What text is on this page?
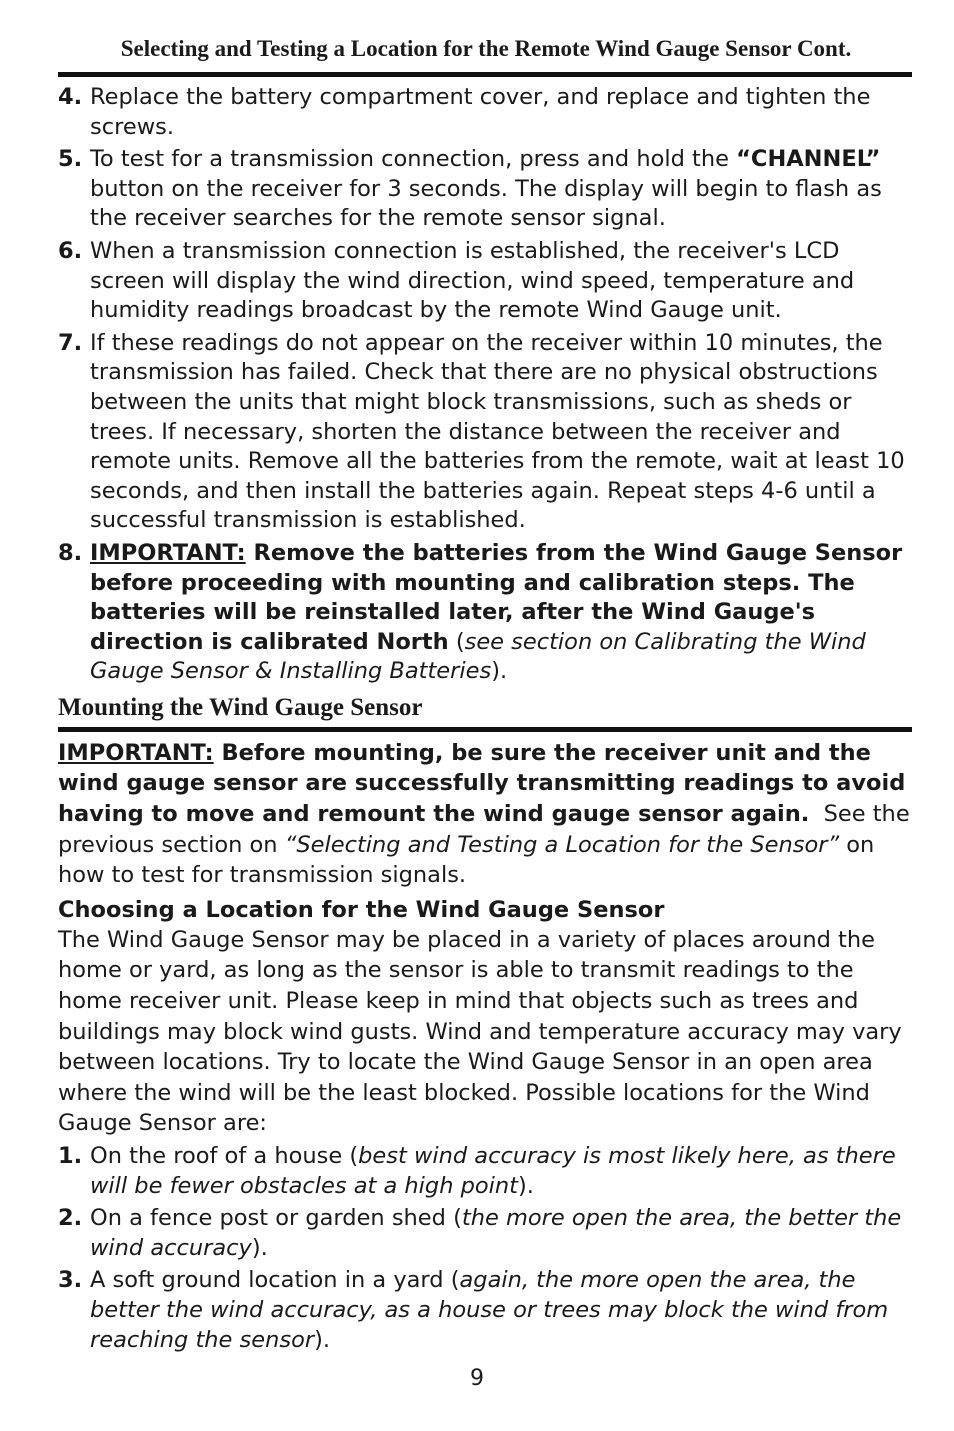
Selecting and Testing a Location for the Remote Wind Gauge Sensor Cont.
4. Replace the battery compartment cover, and replace and tighten the screws.
5. To test for a transmission connection, press and hold the “CHANNEL” button on the receiver for 3 seconds. The display will begin to flash as the receiver searches for the remote sensor signal.
6. When a transmission connection is established, the receiver's LCD screen will display the wind direction, wind speed, temperature and humidity readings broadcast by the remote Wind Gauge unit.
7. If these readings do not appear on the receiver within 10 minutes, the transmission has failed. Check that there are no physical obstructions between the units that might block transmissions, such as sheds or trees. If necessary, shorten the distance between the receiver and remote units. Remove all the batteries from the remote, wait at least 10 seconds, and then install the batteries again. Repeat steps 4-6 until a successful transmission is established.
8. IMPORTANT: Remove the batteries from the Wind Gauge Sensor before proceeding with mounting and calibration steps. The batteries will be reinstalled later, after the Wind Gauge's direction is calibrated North (see section on Calibrating the Wind Gauge Sensor & Installing Batteries).
Mounting the Wind Gauge Sensor

IMPORTANT: Before mounting, be sure the receiver unit and the wind gauge sensor are successfully transmitting readings to avoid having to move and remount the wind gauge sensor again.  See the previous section on “Selecting and Testing a Location for the Sensor” on how to test for transmission signals.

Choosing a Location for the Wind Gauge Sensor

The Wind Gauge Sensor may be placed in a variety of places around the home or yard, as long as the sensor is able to transmit readings to the home receiver unit. Please keep in mind that objects such as trees and buildings may block wind gusts. Wind and temperature accuracy may vary between locations. Try to locate the Wind Gauge Sensor in an open area where the wind will be the least blocked. Possible locations for the Wind Gauge Sensor are:

1. On the roof of a house (best wind accuracy is most likely here, as there will be fewer obstacles at a high point).
2. On a fence post or garden shed (the more open the area, the better the wind accuracy).
3. A soft ground location in a yard (again, the more open the area, the better the wind accuracy, as a house or trees may block the wind from reaching the sensor).
9
